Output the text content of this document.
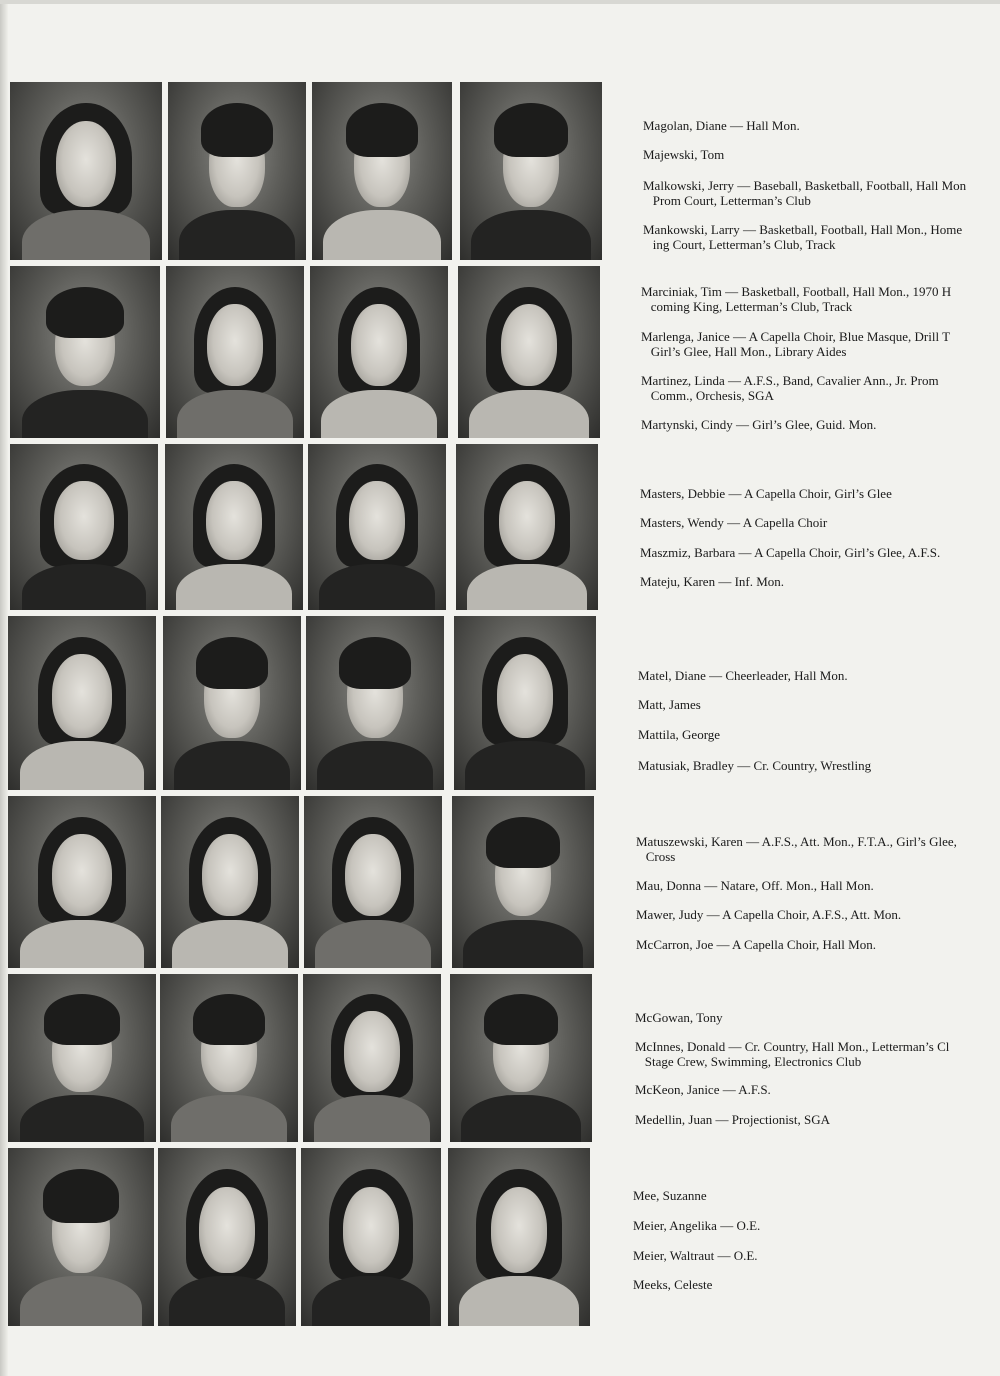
Magolan, Diane — Hall Mon.

Majewski, Tom

Malkowski, Jerry — Baseball, Basketball, Football, Hall Mon
Prom Court, Letterman’s Club

Mankowski, Larry — Basketball, Football, Hall Mon., Home
ing Court, Letterman’s Club, Track

Marciniak, Tim — Basketball, Football, Hall Mon., 1970 H
coming King, Letterman’s Club, Track

Marlenga, Janice — A Capella Choir, Blue Masque, Drill T
Girl’s Glee, Hall Mon., Library Aides

Martinez, Linda — A.F.S., Band, Cavalier Ann., Jr. Prom
Comm., Orchesis, SGA

Martynski, Cindy — Girl’s Glee, Guid. Mon.

Masters, Debbie — A Capella Choir, Girl’s Glee

Masters, Wendy — A Capella Choir

Maszmiz, Barbara — A Capella Choir, Girl’s Glee, A.F.S.

Mateju, Karen — Inf. Mon.

Matel, Diane — Cheerleader, Hall Mon.

Matt, James

Mattila, George

Matusiak, Bradley — Cr. Country, Wrestling

Matuszewski, Karen — A.F.S., Att. Mon., F.T.A., Girl’s Glee,
Cross

Mau, Donna — Natare, Off. Mon., Hall Mon.

Mawer, Judy — A Capella Choir, A.F.S., Att. Mon.

McCarron, Joe — A Capella Choir, Hall Mon.

McGowan, Tony

McInnes, Donald — Cr. Country, Hall Mon., Letterman’s Cl
Stage Crew, Swimming, Electronics Club

McKeon, Janice — A.F.S.

Medellin, Juan — Projectionist, SGA

Mee, Suzanne

Meier, Angelika — O.E.

Meier, Waltraut — O.E.

Meeks, Celeste
